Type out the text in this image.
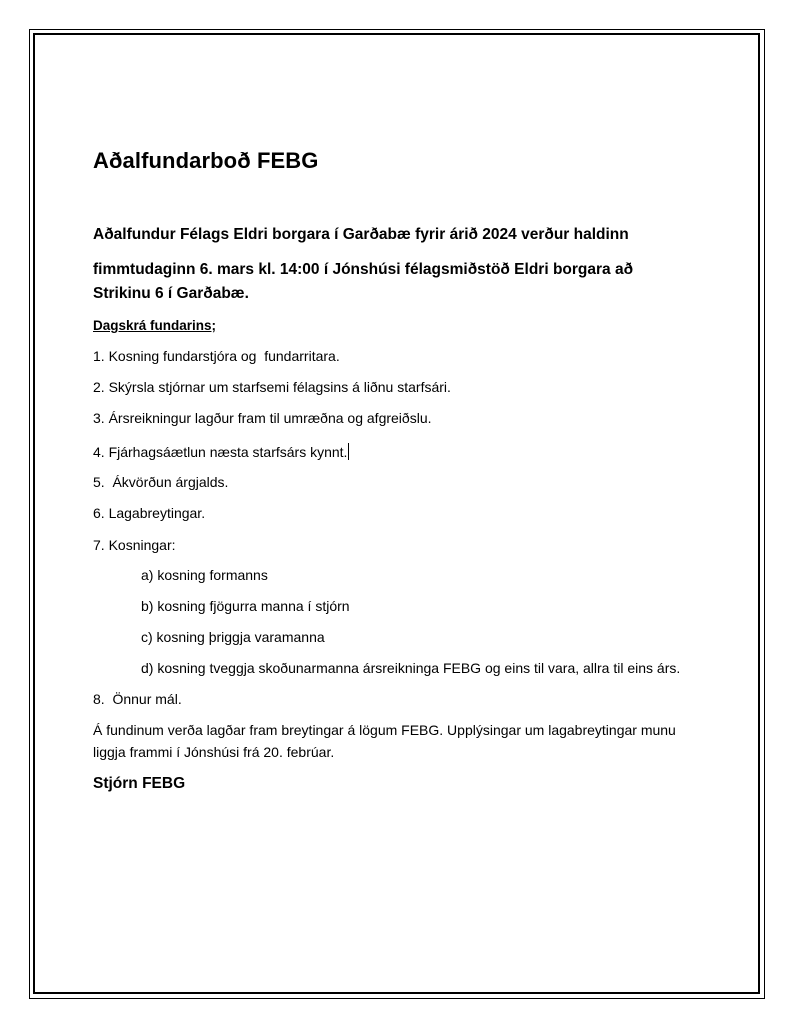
Aðalfundarboð FEBG
Aðalfundur Félags Eldri borgara í Garðabæ fyrir árið 2024 verður haldinn
fimmtudaginn 6. mars kl. 14:00 í Jónshúsi félagsmiðstöð Eldri borgara að
Strikinu 6 í Garðabæ.
Dagskrá fundarins;
1. Kosning fundarstjóra og  fundarritara.
2. Skýrsla stjórnar um starfsemi félagsins á liðnu starfsári.
3. Ársreikningur lagður fram til umræðna og afgreiðslu.
4. Fjárhagsáætlun næsta starfsárs kynnt.
5.  Ákvörðun árgjalds.
6. Lagabreytingar.
7. Kosningar:
a) kosning formanns
b) kosning fjögurra manna í stjórn
c) kosning þriggja varamanna
d) kosning tveggja skoðunarmanna ársreikninga FEBG og eins til vara, allra til eins árs.
8.  Önnur mál.
Á fundinum verða lagðar fram breytingar á lögum FEBG. Upplýsingar um lagabreytingar munu
liggja frammi í Jónshúsi frá 20. febrúar.
Stjórn FEBG
